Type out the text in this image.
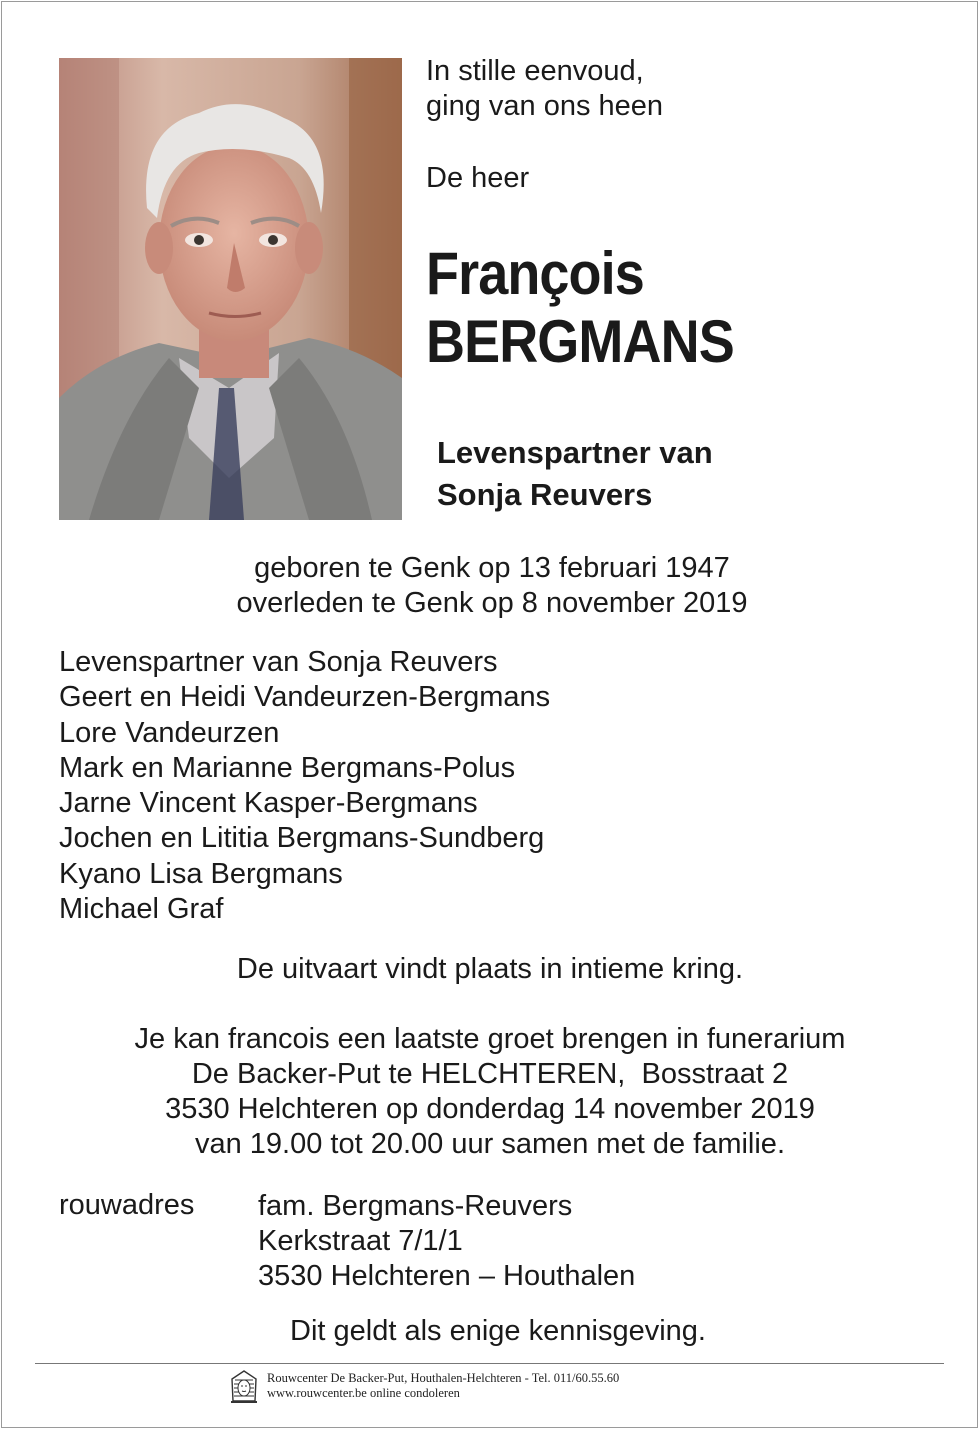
In stille eenvoud,
ging van ons heen
De heer
François
BERGMANS
Levenspartner van
Sonja Reuvers
geboren te Genk op 13 februari 1947
overleden te Genk op 8 november 2019
Levenspartner van Sonja Reuvers
Geert en Heidi Vandeurzen-Bergmans
Lore Vandeurzen
Mark en Marianne Bergmans-Polus
Jarne Vincent Kasper-Bergmans
Jochen en Lititia Bergmans-Sundberg
Kyano Lisa Bergmans
Michael Graf
De uitvaart vindt plaats in intieme kring.
Je kan francois een laatste groet brengen in funerarium
De Backer-Put te HELCHTEREN,  Bosstraat 2
3530 Helchteren op donderdag 14 november 2019
van 19.00 tot 20.00 uur samen met de familie.
rouwadres fam. Bergmans-Reuvers
Kerkstraat 7/1/1
3530 Helchteren – Houthalen
Dit geldt als enige kennisgeving.
Rouwcenter De Backer-Put, Houthalen-Helchteren - Tel. 011/60.55.60
www.rouwcenter.be online condoleren
